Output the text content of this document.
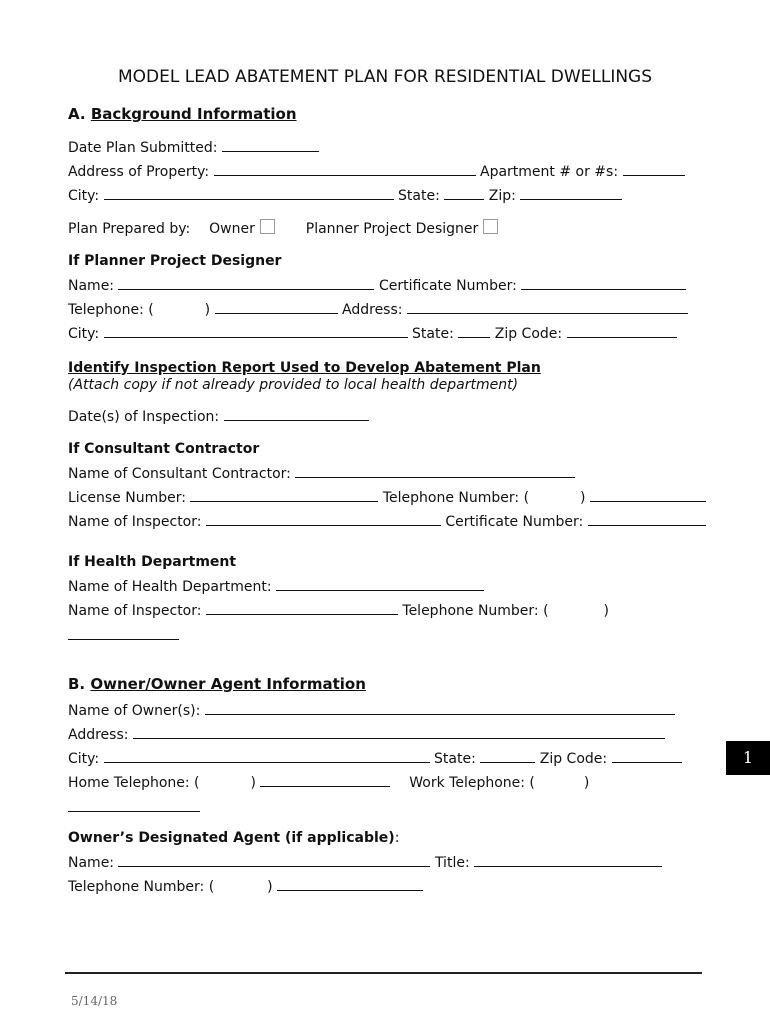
MODEL LEAD ABATEMENT PLAN FOR RESIDENTIAL DWELLINGS
A. Background Information
Date Plan Submitted:
Address of Property:	Apartment # or #s:
City:	State:	Zip:
Plan Prepared by: Owner	Planner Project Designer
If Planner Project Designer
Name:	Certificate Number:
Telephone: (	)	Address:
City:	State:	Zip Code:
Identify Inspection Report Used to Develop Abatement Plan
(Attach copy if not already provided to local health department)
Date(s) of Inspection:
If Consultant Contractor
Name of Consultant Contractor:
License Number:	Telephone Number: (	)
Name of Inspector:	Certificate Number:
If Health Department
Name of Health Department:
Name of Inspector:	Telephone Number: (	)
B. Owner/Owner Agent Information
Name of Owner(s):
Address:
City:	State:	Zip Code:
Home Telephone: (	)	Work Telephone: (	)
Owner’s Designated Agent (if applicable):
Name:	Title:
Telephone Number: (	)
5/14/18
1
